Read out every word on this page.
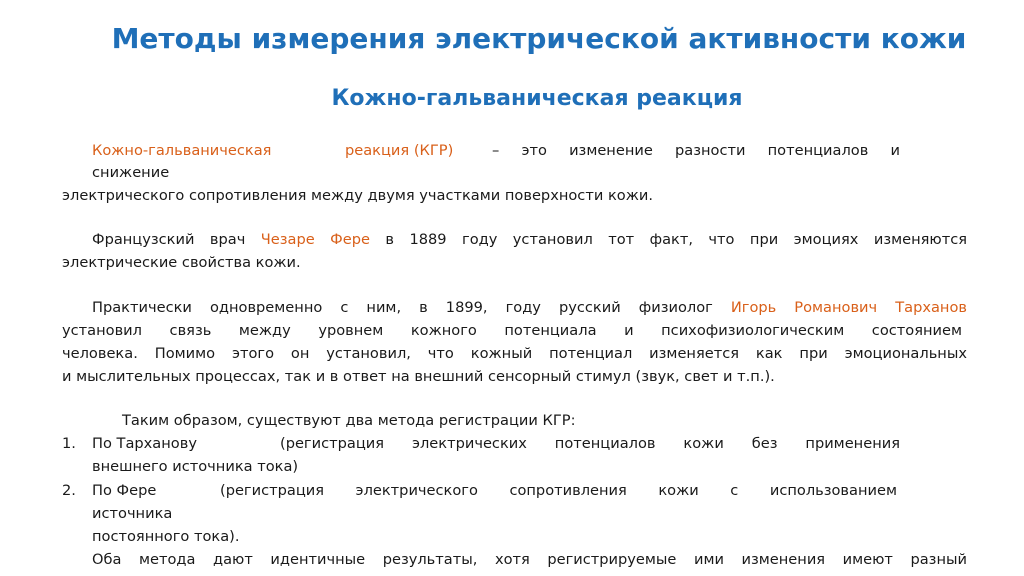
Методы измерения электрической активности кожи
Кожно-гальваническая реакция
Кожно-гальваническая	реакция (КГР)	– это изменение разности потенциалов и
снижение
электрического сопротивления между двумя участками поверхности кожи.
Французский врач Чезаре Фере в 1889 году установил тот факт, что при эмоциях изменяются
электрические свойства кожи.
Практически одновременно с ним, в 1899, году русский физиолог Игорь Романович Тарханов
установил связь между уровнем кожного потенциала и психофизиологическим состоянием
человека. Помимо этого он установил, что кожный потенциал изменяется как при эмоциональных
и мыслительных процессах, так и в ответ на внешний сенсорный стимул (звук, свет и т.п.).
Таким образом, существуют два метода регистрации КГР:
1. По Тарханову	(регистрация электрических потенциалов кожи без применения
внешнего источника тока)
2. По Фере	(регистрация электрического сопротивления кожи с использованием
источника
постоянного тока).
Оба метода дают идентичные результаты, хотя регистрируемые ими изменения имеют разный
